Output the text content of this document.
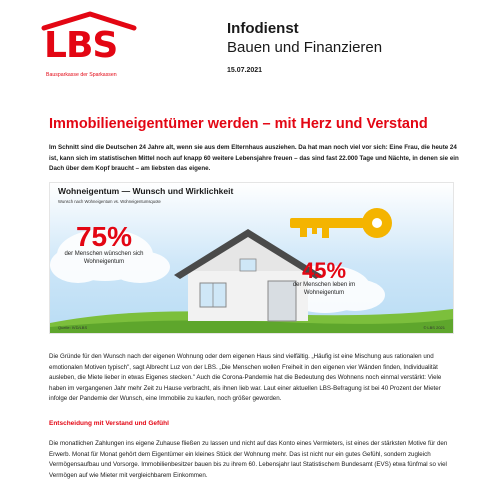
LBS
Bausparkasse der Sparkassen
Infodienst
Bauen und Finanzieren
15.07.2021
Immobilieneigentümer werden – mit Herz und Verstand

Im Schnitt sind die Deutschen 24 Jahre alt, wenn sie aus dem Elternhaus ausziehen. Da hat man noch viel vor sich: Eine Frau, die heute 24 ist, kann sich im statistischen Mittel noch auf knapp 60 weitere Lebensjahre freuen – das sind fast 22.000 Tage und Nächte, in denen sie ein Dach über dem Kopf braucht – am liebsten das eigene.

Wohneigentum — Wunsch und Wirklichkeit
Wunsch nach Wohneigentum vs. Wohneigentumsquote
75%
der Menschen wünschen sich Wohneigentum	45%
der Menschen leben im Wohneigentum
Quelle: IVD/LBS	© LBS 2021

Die Gründe für den Wunsch nach der eigenen Wohnung oder dem eigenen Haus sind vielfältig. „Häufig ist eine Mischung aus rationalen und emotionalen Motiven typisch", sagt Albrecht Luz von der LBS. „Die Menschen wollen Freiheit in den eigenen vier Wänden finden, Individualität ausleben, die Miete lieber in etwas Eigenes stecken." Auch die Corona-Pandemie hat die Bedeutung des Wohnens noch einmal verstärkt: Viele haben im vergangenen Jahr mehr Zeit zu Hause verbracht, als ihnen lieb war. Laut einer aktuellen LBS-Befragung ist bei 40 Prozent der Mieter infolge der Pandemie der Wunsch, eine Immobilie zu kaufen, noch größer geworden.

Entscheidung mit Verstand und Gefühl

Die monatlichen Zahlungen ins eigene Zuhause fließen zu lassen und nicht auf das Konto eines Vermieters, ist eines der stärksten Motive für den Erwerb. Monat für Monat gehört dem Eigentümer ein kleines Stück der Wohnung mehr. Das ist nicht nur ein gutes Gefühl, sondern zugleich Vermögensaufbau und Vorsorge. Immobilienbesitzer bauen bis zu ihrem 60. Lebensjahr laut Statistischem Bundesamt (EVS) etwa fünfmal so viel Vermögen auf wie Mieter mit vergleichbarem Einkommen.
